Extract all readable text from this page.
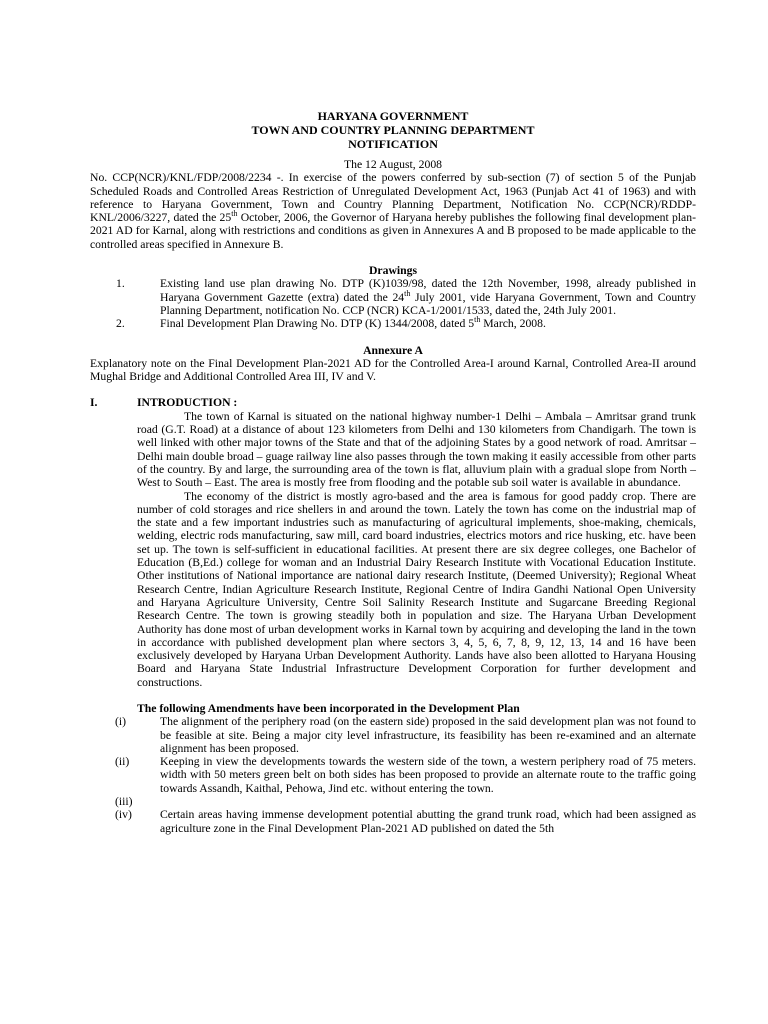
HARYANA GOVERNMENT
TOWN AND COUNTRY PLANNING DEPARTMENT
NOTIFICATION
The 12 August, 2008
No. CCP(NCR)/KNL/FDP/2008/2234 -. In exercise of the powers conferred by sub-section (7) of section 5 of the Punjab Scheduled Roads and Controlled Areas Restriction of Unregulated Development Act, 1963 (Punjab Act 41 of 1963) and with reference to Haryana Government, Town and Country Planning Department, Notification No. CCP(NCR)/RDDP-KNL/2006/3227, dated the 25th October, 2006, the Governor of Haryana hereby publishes the following final development plan-2021 AD for Karnal, along with restrictions and conditions as given in Annexures A and B proposed to be made applicable to the controlled areas specified in Annexure B.
Drawings
1.	Existing land use plan drawing No. DTP (K)1039/98, dated the 12th November, 1998, already published in Haryana Government Gazette (extra) dated the 24th July 2001, vide Haryana Government, Town and Country Planning Department, notification No. CCP (NCR) KCA-1/2001/1533, dated the, 24th July 2001.
2.	Final Development Plan Drawing No. DTP (K) 1344/2008, dated 5th March, 2008.
Annexure A
Explanatory note on the Final Development Plan-2021 AD for the Controlled Area-I around Karnal, Controlled Area-II around Mughal Bridge and Additional Controlled Area III, IV and V.
I.	INTRODUCTION :
The town of Karnal is situated on the national highway number-1 Delhi – Ambala – Amritsar grand trunk road (G.T. Road) at a distance of about 123 kilometers from Delhi and 130 kilometers from Chandigarh. The town is well linked with other major towns of the State and that of the adjoining States by a good network of road. Amritsar – Delhi main double broad – guage railway line also passes through the town making it easily accessible from other parts of the country. By and large, the surrounding area of the town is flat, alluvium plain with a gradual slope from North – West to South – East. The area is mostly free from flooding and the potable sub soil water is available in abundance.
The economy of the district is mostly agro-based and the area is famous for good paddy crop. There are number of cold storages and rice shellers in and around the town. Lately the town has come on the industrial map of the state and a few important industries such as manufacturing of agricultural implements, shoe-making, chemicals, welding, electric rods manufacturing, saw mill, card board industries, electrics motors and rice husking, etc. have been set up. The town is self-sufficient in educational facilities. At present there are six degree colleges, one Bachelor of Education (B,Ed.) college for woman and an Industrial Dairy Research Institute with Vocational Education Institute. Other institutions of National importance are national dairy research Institute, (Deemed University); Regional Wheat Research Centre, Indian Agriculture Research Institute, Regional Centre of Indira Gandhi National Open University and Haryana Agriculture University, Centre Soil Salinity Research Institute and Sugarcane Breeding Regional Research Centre. The town is growing steadily both in population and size. The Haryana Urban Development Authority has done most of urban development works in Karnal town by acquiring and developing the land in the town in accordance with published development plan where sectors 3, 4, 5, 6, 7, 8, 9, 12, 13, 14 and 16 have been exclusively developed by Haryana Urban Development Authority. Lands have also been allotted to Haryana Housing Board and Haryana State Industrial Infrastructure Development Corporation for further development and constructions.
The following Amendments have been incorporated in the Development Plan
(i)	The alignment of the periphery road (on the eastern side) proposed in the said development plan was not found to be feasible at site. Being a major city level infrastructure, its feasibility has been re-examined and an alternate alignment has been proposed.
(ii)	Keeping in view the developments towards the western side of the town, a western periphery road of 75 meters. width with 50 meters green belt on both sides has been proposed to provide an alternate route to the traffic going towards Assandh, Kaithal, Pehowa, Jind etc. without entering the town.
(iii)

(iv)	Certain areas having immense development potential abutting the grand trunk road, which had been assigned as agriculture zone in the Final Development Plan-2021 AD published on dated the 5th
